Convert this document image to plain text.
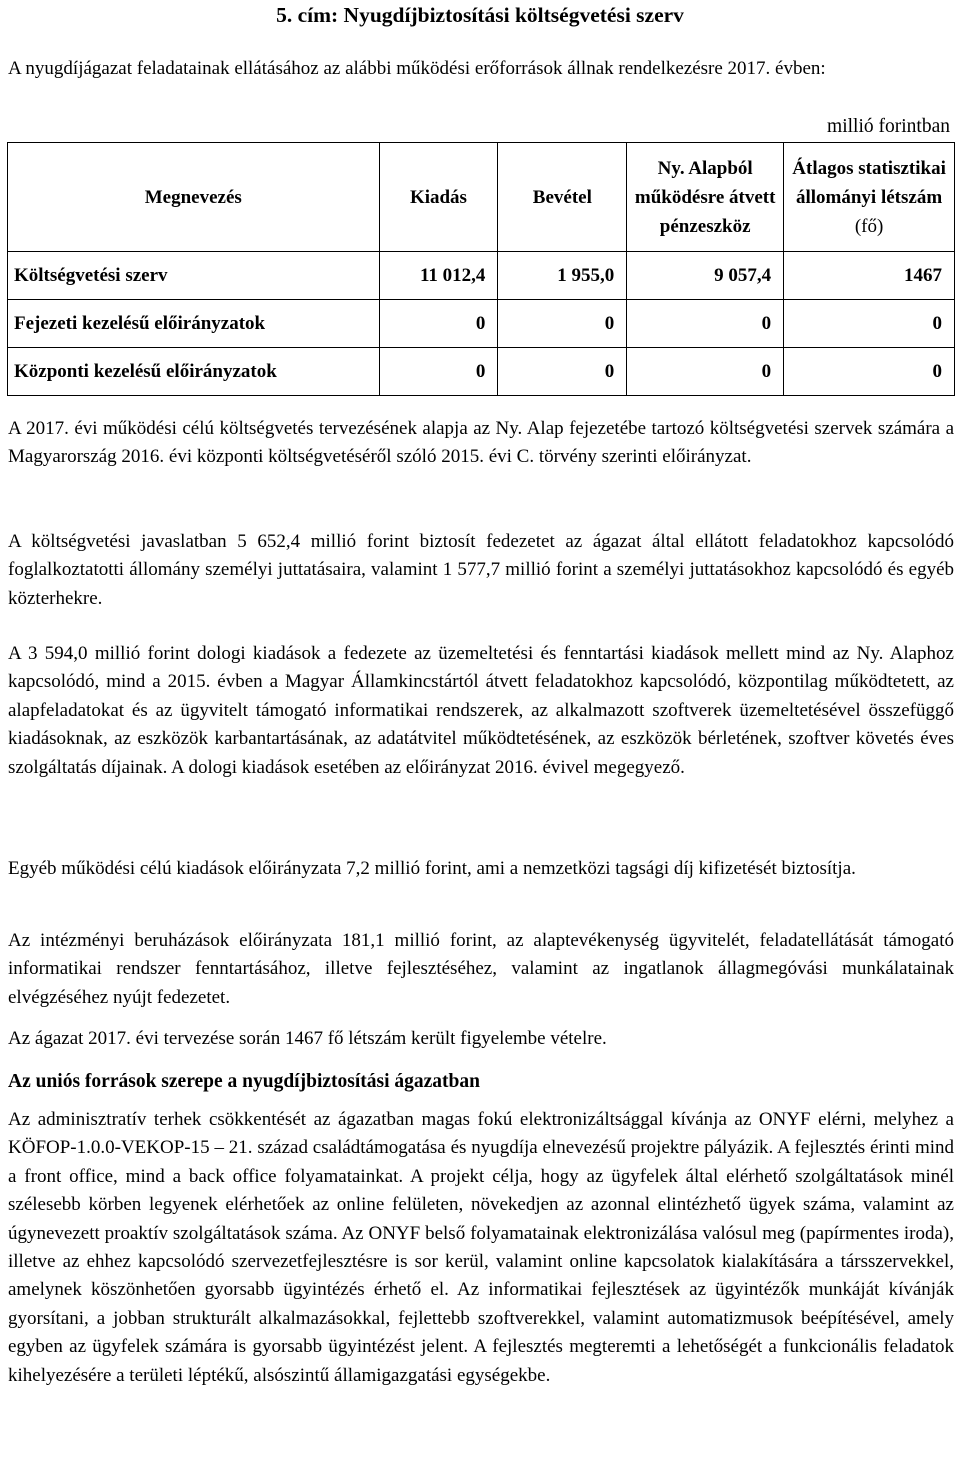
5. cím: Nyugdíjbiztosítási költségvetési szerv

A nyugdíjágazat feladatainak ellátásához az alábbi működési erőforrások állnak rendelkezésre 2017. évben:

millió forintban
Megnevezés	Kiadás	Bevétel	Ny. Alapból működésre átvett pénzeszköz	Átlagos statisztikai állományi létszám (fő)
Költségvetési szerv	11 012,4	1 955,0	9 057,4	1467
Fejezeti kezelésű előirányzatok	0	0	0	0
Központi kezelésű előirányzatok	0	0	0	0

A 2017. évi működési célú költségvetés tervezésének alapja az Ny. Alap fejezetébe tartozó költségvetési szervek számára a Magyarország 2016. évi központi költségvetéséről szóló 2015. évi C. törvény szerinti előirányzat.

A költségvetési javaslatban 5 652,4 millió forint biztosít fedezetet az ágazat által ellátott feladatokhoz kapcsolódó foglalkoztatotti állomány személyi juttatásaira, valamint 1 577,7 millió forint a személyi juttatásokhoz kapcsolódó és egyéb közterhekre.

A 3 594,0 millió forint dologi kiadások a fedezete az üzemeltetési és fenntartási kiadások mellett mind az Ny. Alaphoz kapcsolódó, mind a 2015. évben a Magyar Államkincstártól átvett feladatokhoz kapcsolódó, központilag működtetett, az alapfeladatokat és az ügyvitelt támogató informatikai rendszerek, az alkalmazott szoftverek üzemeltetésével összefüggő kiadásoknak, az eszközök karbantartásának, az adatátvitel működtetésének, az eszközök bérletének, szoftver követés éves szolgáltatás díjainak. A dologi kiadások esetében az előirányzat 2016. évivel megegyező.

Egyéb működési célú kiadások előirányzata 7,2 millió forint, ami a nemzetközi tagsági díj kifizetését biztosítja.

Az intézményi beruházások előirányzata 181,1 millió forint, az alaptevékenység ügyvitelét, feladatellátását támogató informatikai rendszer fenntartásához, illetve fejlesztéséhez, valamint az ingatlanok állagmegóvási munkálatainak elvégzéséhez nyújt fedezetet.

Az ágazat 2017. évi tervezése során 1467 fő létszám került figyelembe vételre.

Az uniós források szerepe a nyugdíjbiztosítási ágazatban

Az adminisztratív terhek csökkentését az ágazatban magas fokú elektronizáltsággal kívánja az ONYF elérni, melyhez a KÖFOP-1.0.0-VEKOP-15 – 21. század családtámogatása és nyugdíja elnevezésű projektre pályázik. A fejlesztés érinti mind a front office, mind a back office folyamatainkat. A projekt célja, hogy az ügyfelek által elérhető szolgáltatások minél szélesebb körben legyenek elérhetőek az online felületen, növekedjen az azonnal elintézhető ügyek száma, valamint az úgynevezett proaktív szolgáltatások száma. Az ONYF belső folyamatainak elektronizálása valósul meg (papírmentes iroda), illetve az ehhez kapcsolódó szervezetfejlesztésre is sor kerül, valamint online kapcsolatok kialakítására a társszervekkel, amelynek köszönhetően gyorsabb ügyintézés érhető el. Az informatikai fejlesztések az ügyintézők munkáját kívánják gyorsítani, a jobban strukturált alkalmazásokkal, fejlettebb szoftverekkel, valamint automatizmusok beépítésével, amely egyben az ügyfelek számára is gyorsabb ügyintézést jelent. A fejlesztés megteremti a lehetőségét a funkcionális feladatok kihelyezésére a területi léptékű, alsószintű államigazgatási egységekbe.
